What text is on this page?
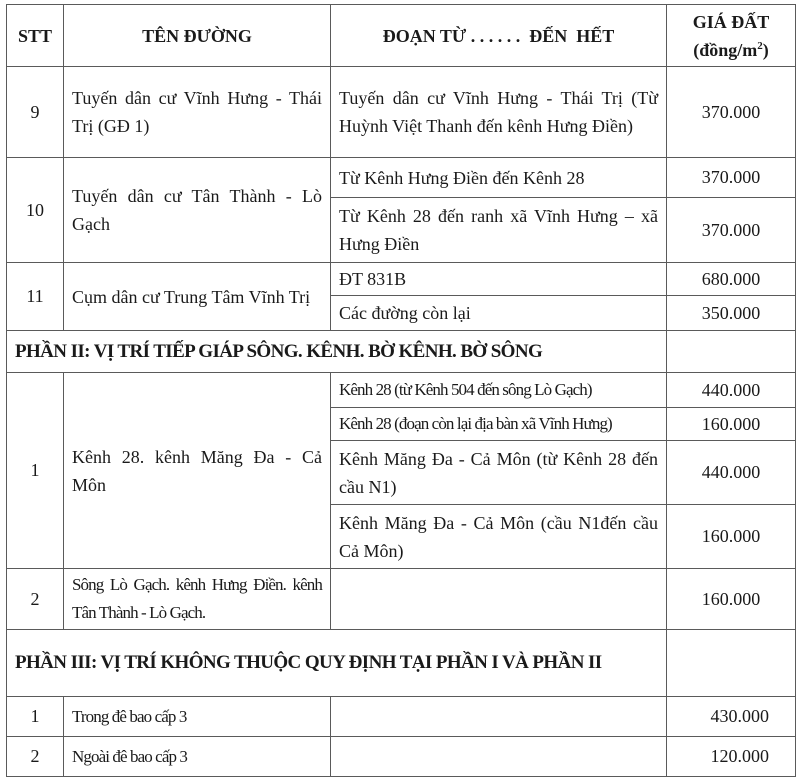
STT	TÊN ĐƯỜNG	ĐOẠN TỪ . . . . . .  ĐẾN  HẾT	GIÁ ĐẤT
$(đồng/m^2)$

9	Tuyến dân cư Vĩnh Hưng - Thái Trị (GĐ 1)	Tuyến dân cư Vĩnh Hưng - Thái Trị (Từ Huỳnh Việt Thanh đến kênh Hưng Điền)	370.000
10	Tuyến dân cư Tân Thành - Lò Gạch	Từ Kênh Hưng Điền đến Kênh 28	370.000
		Từ Kênh 28 đến ranh xã Vĩnh Hưng – xã Hưng Điền	370.000
11	Cụm dân cư Trung Tâm Vĩnh Trị	ĐT 831B	680.000
		Các đường còn lại	350.000
PHẦN II: VỊ TRÍ TIẾP GIÁP SÔNG. KÊNH. BỜ KÊNH. BỜ SÔNG			
1	Kênh 28. kênh Măng Đa - Cả Môn	Kênh 28 (từ Kênh 504 đến sông Lò Gạch)	440.000
		Kênh 28 (đoạn còn lại địa bàn xã Vĩnh Hưng)	160.000
		Kênh Măng Đa - Cả Môn (từ Kênh 28 đến cầu N1)	440.000
		Kênh Măng Đa - Cả Môn (cầu N1đến cầu Cả Môn)	160.000
2	Sông Lò Gạch. kênh Hưng Điền. kênh Tân Thành - Lò Gạch.		160.000
PHẦN III: VỊ TRÍ KHÔNG THUỘC QUY ĐỊNH TẠI PHẦN I VÀ PHẦN II			
1	Trong đê bao cấp 3		430.000
2	Ngoài đê bao cấp 3		120.000
